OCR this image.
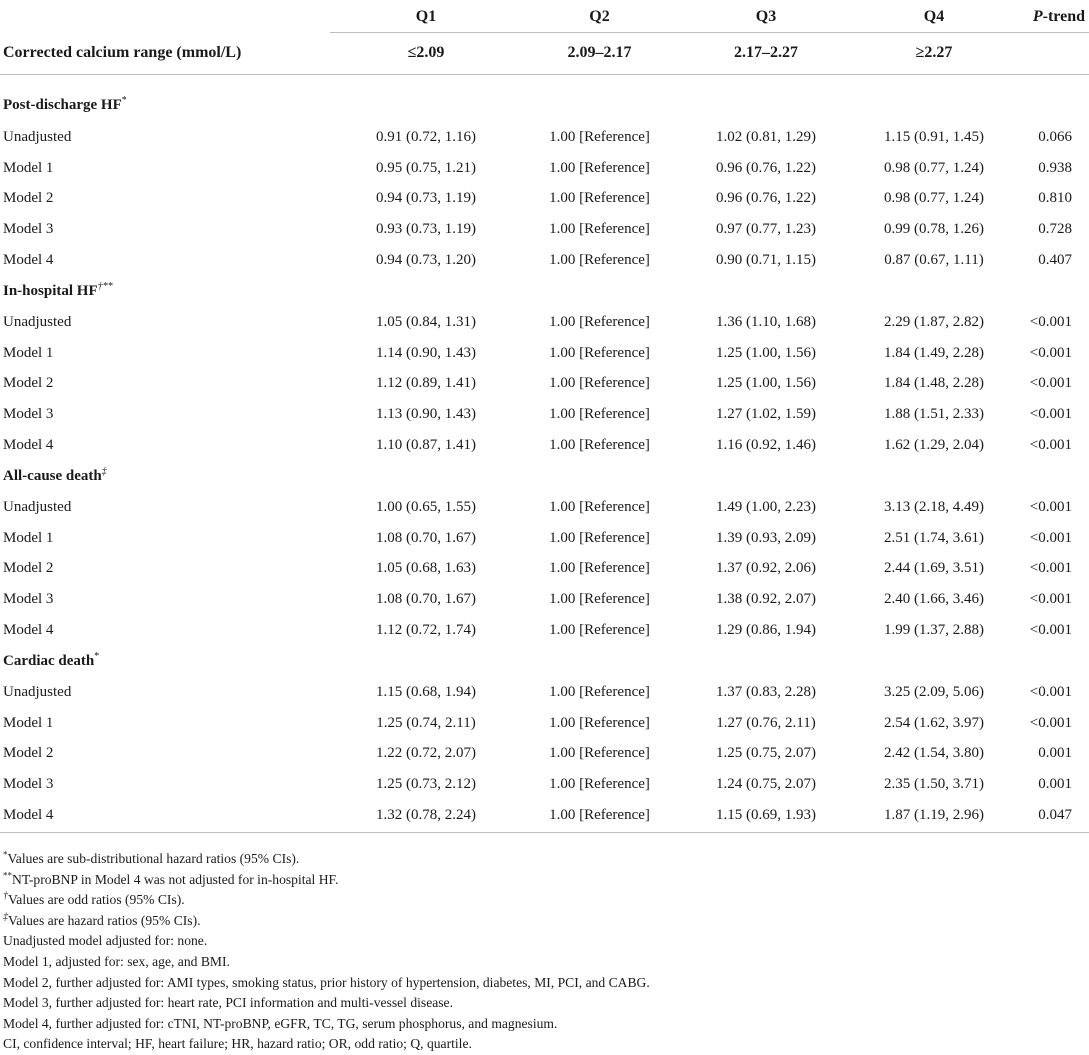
	Q1	Q2	Q3	Q4	P-trend
Corrected calcium range (mmol/L)	≤2.09	2.09–2.17	2.17–2.27	≥2.27	
Post-discharge HF*
Unadjusted	0.91 (0.72, 1.16)	1.00 [Reference]	1.02 (0.81, 1.29)	1.15 (0.91, 1.45)	0.066
Model 1	0.95 (0.75, 1.21)	1.00 [Reference]	0.96 (0.76, 1.22)	0.98 (0.77, 1.24)	0.938
Model 2	0.94 (0.73, 1.19)	1.00 [Reference]	0.96 (0.76, 1.22)	0.98 (0.77, 1.24)	0.810
Model 3	0.93 (0.73, 1.19)	1.00 [Reference]	0.97 (0.77, 1.23)	0.99 (0.78, 1.26)	0.728
Model 4	0.94 (0.73, 1.20)	1.00 [Reference]	0.90 (0.71, 1.15)	0.87 (0.67, 1.11)	0.407
In-hospital HF†**
Unadjusted	1.05 (0.84, 1.31)	1.00 [Reference]	1.36 (1.10, 1.68)	2.29 (1.87, 2.82)	<0.001
Model 1	1.14 (0.90, 1.43)	1.00 [Reference]	1.25 (1.00, 1.56)	1.84 (1.49, 2.28)	<0.001
Model 2	1.12 (0.89, 1.41)	1.00 [Reference]	1.25 (1.00, 1.56)	1.84 (1.48, 2.28)	<0.001
Model 3	1.13 (0.90, 1.43)	1.00 [Reference]	1.27 (1.02, 1.59)	1.88 (1.51, 2.33)	<0.001
Model 4	1.10 (0.87, 1.41)	1.00 [Reference]	1.16 (0.92, 1.46)	1.62 (1.29, 2.04)	<0.001
All-cause death‡
Unadjusted	1.00 (0.65, 1.55)	1.00 [Reference]	1.49 (1.00, 2.23)	3.13 (2.18, 4.49)	<0.001
Model 1	1.08 (0.70, 1.67)	1.00 [Reference]	1.39 (0.93, 2.09)	2.51 (1.74, 3.61)	<0.001
Model 2	1.05 (0.68, 1.63)	1.00 [Reference]	1.37 (0.92, 2.06)	2.44 (1.69, 3.51)	<0.001
Model 3	1.08 (0.70, 1.67)	1.00 [Reference]	1.38 (0.92, 2.07)	2.40 (1.66, 3.46)	<0.001
Model 4	1.12 (0.72, 1.74)	1.00 [Reference]	1.29 (0.86, 1.94)	1.99 (1.37, 2.88)	<0.001
Cardiac death*
Unadjusted	1.15 (0.68, 1.94)	1.00 [Reference]	1.37 (0.83, 2.28)	3.25 (2.09, 5.06)	<0.001
Model 1	1.25 (0.74, 2.11)	1.00 [Reference]	1.27 (0.76, 2.11)	2.54 (1.62, 3.97)	<0.001
Model 2	1.22 (0.72, 2.07)	1.00 [Reference]	1.25 (0.75, 2.07)	2.42 (1.54, 3.80)	0.001
Model 3	1.25 (0.73, 2.12)	1.00 [Reference]	1.24 (0.75, 2.07)	2.35 (1.50, 3.71)	0.001
Model 4	1.32 (0.78, 2.24)	1.00 [Reference]	1.15 (0.69, 1.93)	1.87 (1.19, 2.96)	0.047
*Values are sub-distributional hazard ratios (95% CIs).
**NT-proBNP in Model 4 was not adjusted for in-hospital HF.
†Values are odd ratios (95% CIs).
‡Values are hazard ratios (95% CIs).
Unadjusted model adjusted for: none.
Model 1, adjusted for: sex, age, and BMI.
Model 2, further adjusted for: AMI types, smoking status, prior history of hypertension, diabetes, MI, PCI, and CABG.
Model 3, further adjusted for: heart rate, PCI information and multi-vessel disease.
Model 4, further adjusted for: cTNI, NT-proBNP, eGFR, TC, TG, serum phosphorus, and magnesium.
CI, confidence interval; HF, heart failure; HR, hazard ratio; OR, odd ratio; Q, quartile.
